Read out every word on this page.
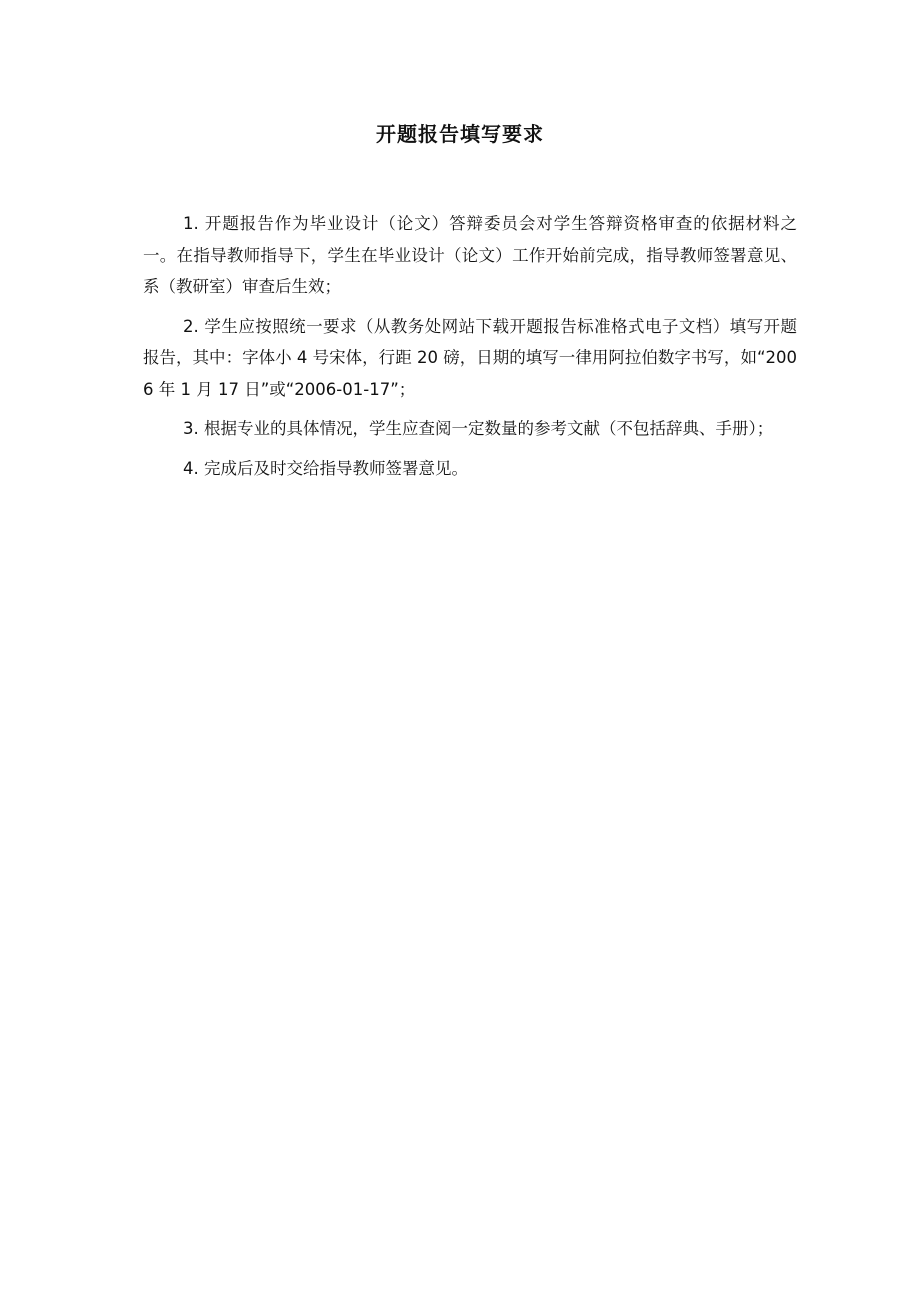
开题报告填写要求

1. 开题报告作为毕业设计（论文）答辩委员会对学生答辩资格审查的依据材料之一。在指导教师指导下，学生在毕业设计（论文）工作开始前完成，指导教师签署意见、系（教研室）审查后生效；

2. 学生应按照统一要求（从教务处网站下载开题报告标准格式电子文档）填写开题报告，其中：字体小 4 号宋体，行距 20 磅，日期的填写一律用阿拉伯数字书写，如“2006 年 1 月 17 日”或“2006-01-17”；

3. 根据专业的具体情况，学生应查阅一定数量的参考文献（不包括辞典、手册）；

4. 完成后及时交给指导教师签署意见。
